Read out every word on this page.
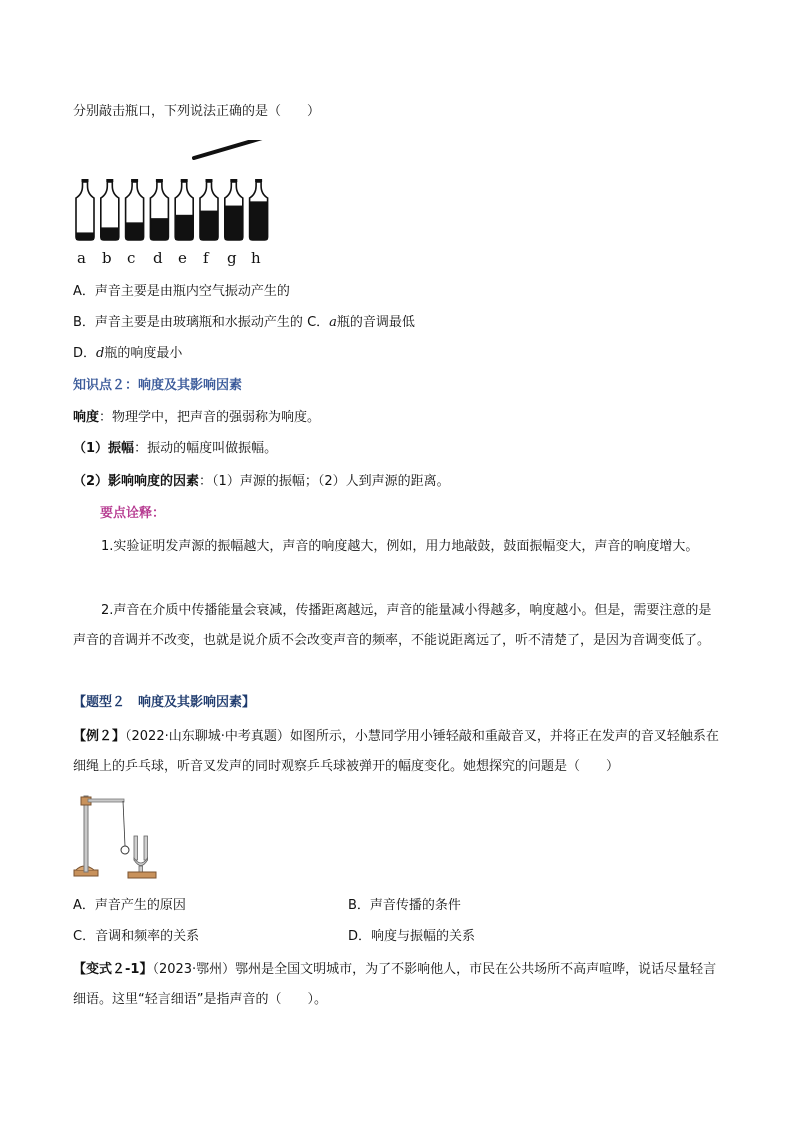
分别敲击瓶口，下列说法正确的是（　　）
a b c d e f g h
A．声音主要是由瓶内空气振动产生的
B．声音主要是由玻璃瓶和水振动产生的 C．a瓶的音调最低
D．d瓶的响度最小
知识点２：响度及其影响因素
响度：物理学中，把声音的强弱称为响度。
（1）振幅：振动的幅度叫做振幅。
（2）影响响度的因素：（1）声源的振幅；（2）人到声源的距离。
要点诠释：
1.实验证明发声源的振幅越大，声音的响度越大，例如，用力地敲鼓，鼓面振幅变大，声音的响度增大。
2.声音在介质中传播能量会衰减，传播距离越远，声音的能量减小得越多，响度越小。但是，需要注意的是声音的音调并不改变，也就是说介质不会改变声音的频率，不能说距离远了，听不清楚了，是因为音调变低了。
【题型２　响度及其影响因素】
【例２】（2022·山东聊城·中考真题）如图所示，小慧同学用小锤轻敲和重敲音叉，并将正在发声的音叉轻触系在细绳上的乒乓球，听音叉发声的同时观察乒乓球被弹开的幅度变化。她想探究的问题是（　　）
A．声音产生的原因	B．声音传播的条件
C．音调和频率的关系	D．响度与振幅的关系
【变式２-1】（2023·鄂州）鄂州是全国文明城市，为了不影响他人，市民在公共场所不高声喧哗，说话尽量轻言细语。这里“轻言细语”是指声音的（　　）。
